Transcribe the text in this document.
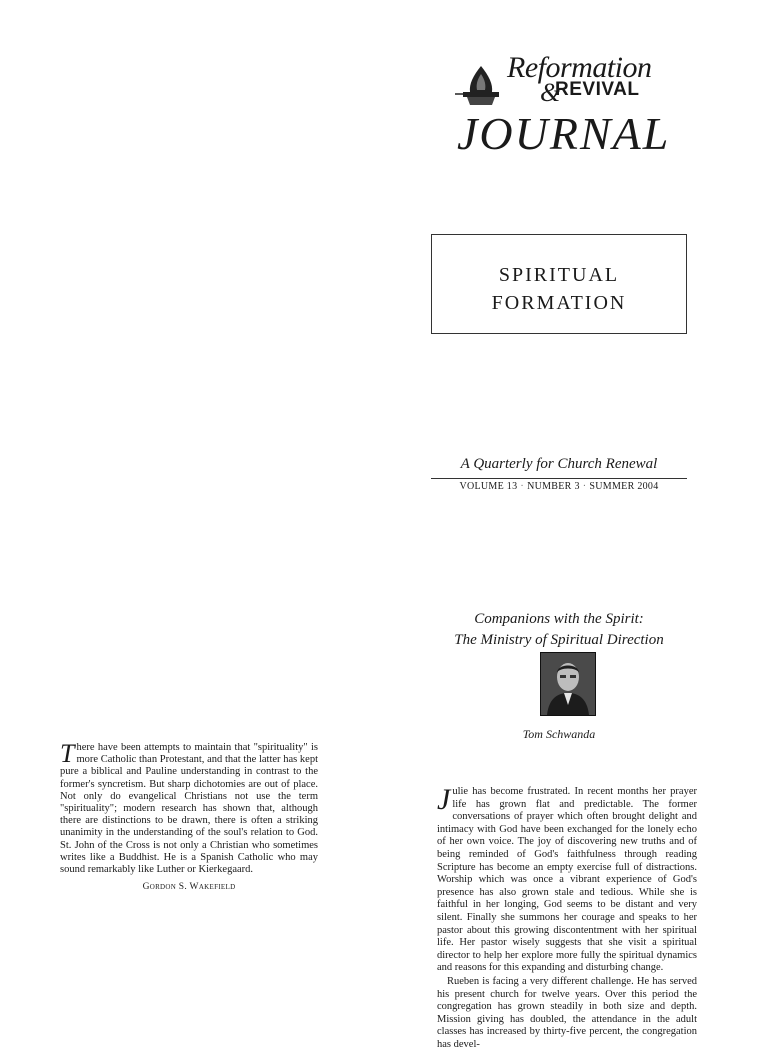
Reformation
&
REVIVAL
JOURNAL
SPIRITUAL
FORMATION
A Quarterly for Church Renewal
VOLUME 13 · NUMBER 3 · SUMMER 2004
Companions with the Spirit:
The Ministry of Spiritual Direction
Tom Schwanda

There have been attempts to maintain that "spirituality" is more Catholic than Protestant, and that the latter has kept pure a biblical and Pauline understanding in contrast to the former's syncretism. But sharp dichotomies are out of place. Not only do evangelical Christians not use the term "spirituality"; modern research has shown that, although there are distinctions to be drawn, there is often a striking unanimity in the understanding of the soul's relation to God. St. John of the Cross is not only a Christian who sometimes writes like a Buddhist. He is a Spanish Catholic who may sound remarkably like Luther or Kierkegaard.

Gordon S. Wakefield

Julie has become frustrated. In recent months her prayer life has grown flat and predictable. The former conversations of prayer which often brought delight and intimacy with God have been exchanged for the lonely echo of her own voice. The joy of discovering new truths and of being reminded of God's faithfulness through reading Scripture has become an empty exercise full of distractions. Worship which was once a vibrant experience of God's presence has also grown stale and tedious. While she is faithful in her longing, God seems to be distant and very silent. Finally she summons her courage and speaks to her pastor about this growing discontentment with her spiritual life. Her pastor wisely suggests that she visit a spiritual director to help her explore more fully the spiritual dynamics and reasons for this expanding and disturbing change.

Rueben is facing a very different challenge. He has served his present church for twelve years. Over this period the congregation has grown steadily in both size and depth. Mission giving has doubled, the attendance in the adult classes has increased by thirty-five percent, the congregation has devel-
